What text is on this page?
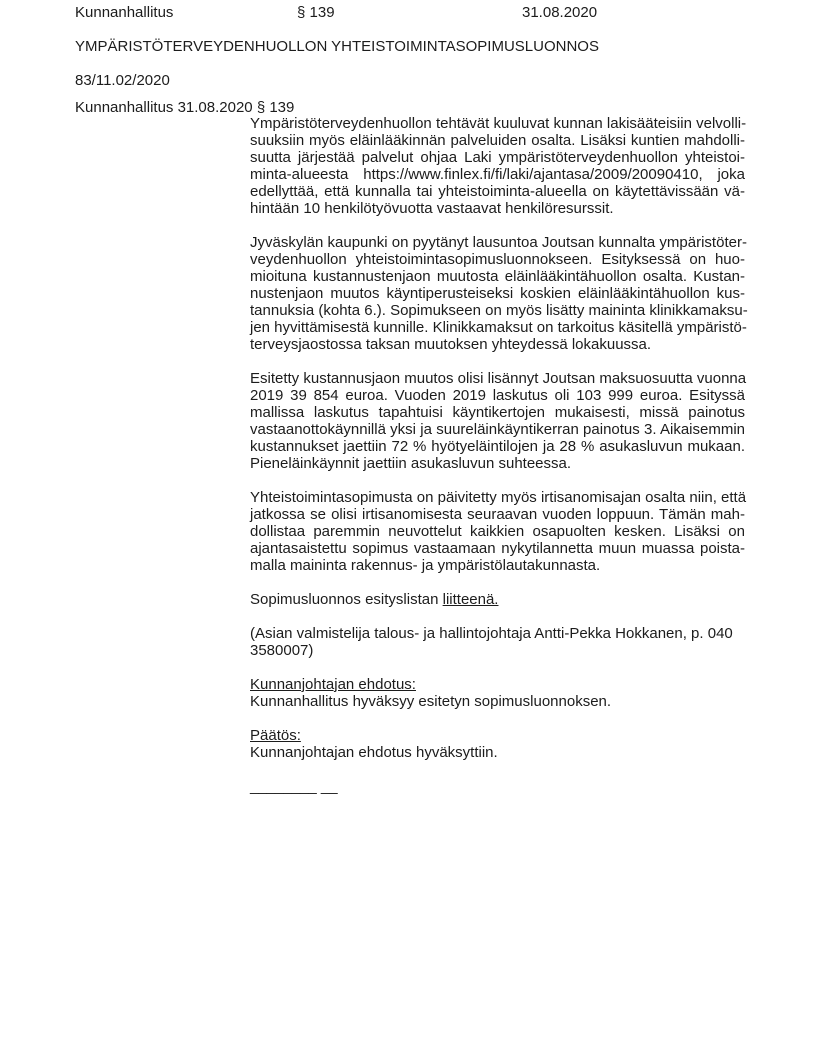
Kunnanhallitus	§ 139	31.08.2020
YMPÄRISTÖTERVEYDENHUOLLON YHTEISTOIMINTASOPIMUSLUONNOS
83/11.02/2020
Kunnanhallitus 31.08.2020 § 139
Ympäristöterveydenhuollon tehtävät kuuluvat kunnan lakisääteisiin velvolli-
suuksiin myös eläinlääkinnän palveluiden osalta. Lisäksi kuntien mahdolli-
suutta järjestää palvelut ohjaa Laki ympäristöterveydenhuollon yhteistoi-
minta-alueesta https://www.finlex.fi/fi/laki/ajantasa/2009/20090410, joka
edellyttää, että kunnalla tai yhteistoiminta-alueella on käytettävissään vä-
hintään 10 henkilötyövuotta vastaavat henkilöresurssit.
Jyväskylän kaupunki on pyytänyt lausuntoa Joutsan kunnalta ympäristöter-
veydenhuollon yhteistoimintasopimusluonnokseen. Esityksessä on huo-
mioituna kustannustenjaon muutosta eläinlääkintähuollon osalta. Kustan-
nustenjaon muutos käyntiperusteiseksi koskien eläinlääkintähuollon kus-
tannuksia (kohta 6.). Sopimukseen on myös lisätty maininta klinikkamaksu-
jen hyvittämisestä kunnille. Klinikkamaksut on tarkoitus käsitellä ympäristö-
terveysjaostossa taksan muutoksen yhteydessä lokakuussa.
Esitetty kustannusjaon muutos olisi lisännyt Joutsan maksuosuutta vuonna
2019 39 854 euroa. Vuoden 2019 laskutus oli 103 999 euroa. Esityssä
mallissa laskutus tapahtuisi käyntikertojen mukaisesti, missä painotus
vastaanottokäynnillä yksi ja suureläinkäyntikerran painotus 3. Aikaisemmin
kustannukset jaettiin 72 % hyötyeläintilojen ja 28 % asukasluvun mukaan.
Pieneläinkäynnit jaettiin asukasluvun suhteessa.
Yhteistoimintasopimusta on päivitetty myös irtisanomisajan osalta niin, että
jatkossa se olisi irtisanomisesta seuraavan vuoden loppuun. Tämän mah-
dollistaa paremmin neuvottelut kaikkien osapuolten kesken. Lisäksi on
ajantasaistettu sopimus vastaamaan nykytilannetta muun muassa poista-
malla maininta rakennus- ja ympäristölautakunnasta.

Sopimusluonnos esityslistan liitteenä.

(Asian valmistelija talous- ja hallintojohtaja Antti-Pekka Hokkanen, p. 040
3580007)
Kunnanjohtajan ehdotus:
Kunnanhallitus hyväksyy esitetyn sopimusluonnoksen.
Päätös:
Kunnanjohtajan ehdotus hyväksyttiin.
________ __
